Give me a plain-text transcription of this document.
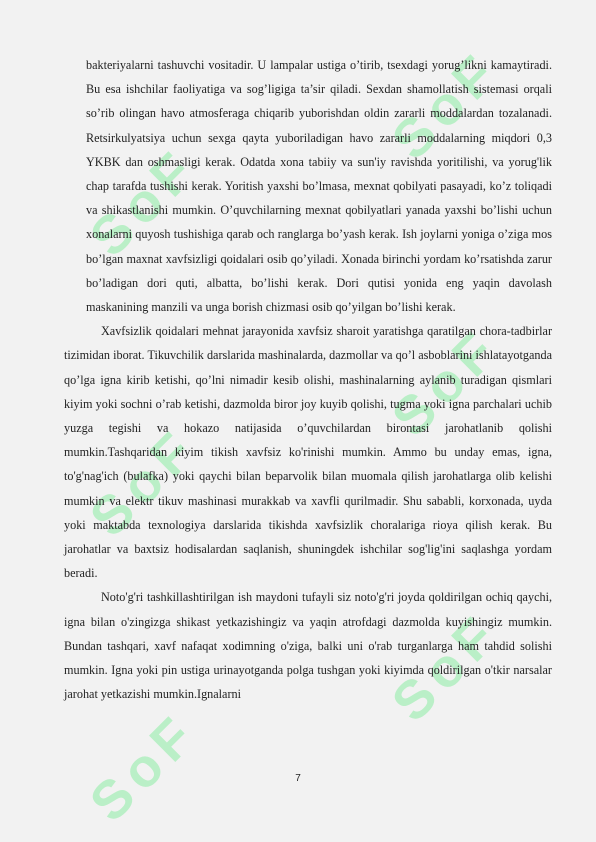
SoF
SoF
SoF
SoF
SoF
SoF

bakteriyalarni tashuvchi vositadir. U lampalar ustiga o’tirib, tsexdagi yorug’likni kamaytiradi. Bu esa ishchilar faoliyatiga va sog’ligiga ta’sir qiladi. Sexdan shamollatish sistemasi orqali so’rib olingan havo atmosferaga chiqarib yuborishdan oldin zararli moddalardan tozalanadi. Retsirkulyatsiya uchun sexga qayta yuboriladigan havo zararli moddalarning miqdori 0,3 YKBK dan oshmasligi kerak. Odatda xona tabiiy va sun'iy ravishda yoritilishi, va yorug'lik chap tarafda tushishi kerak. Yoritish yaxshi bo’lmasa, mexnat qobilyati pasayadi, ko’z toliqadi va shikastlanishi mumkin. O’quvchilarning mexnat qobilyatlari yanada yaxshi bo’lishi uchun xonalarni quyosh tushishiga qarab och ranglarga bo’yash kerak. Ish joylarni yoniga o’ziga mos bo’lgan maxnat xavfsizligi qoidalari osib qo’yiladi. Xonada birinchi yordam ko’rsatishda zarur bo’ladigan dori quti, albatta, bo’lishi kerak. Dori qutisi yonida eng yaqin davolash maskanining manzili va unga borish chizmasi osib qo’yilgan bo’lishi kerak.

Xavfsizlik qoidalari mehnat jarayonida xavfsiz sharoit yaratishga qaratilgan chora-tadbirlar tizimidan iborat. Tikuvchilik darslarida mashinalarda, dazmollar va qo’l asboblarini ishlatayotganda qo’lga igna kirib ketishi, qo’lni nimadir kesib olishi, mashinalarning aylanib turadigan qismlari kiyim yoki sochni o’rab ketishi, dazmolda biror joy kuyib qolishi, tugma yoki igna parchalari uchib yuzga tegishi va hokazo natijasida o’quvchilardan birontasi jarohatlanib qolishi mumkin.Tashqaridan kiyim tikish xavfsiz ko'rinishi mumkin. Ammo bu unday emas, igna, to'g'nag'ich (bulafka) yoki qaychi bilan beparvolik bilan muomala qilish jarohatlarga olib kelishi mumkin va elektr tikuv mashinasi murakkab va xavfli qurilmadir. Shu sababli, korxonada, uyda yoki maktabda texnologiya darslarida tikishda xavfsizlik choralariga rioya qilish kerak. Bu jarohatlar va baxtsiz hodisalardan saqlanish, shuningdek ishchilar sog'lig'ini saqlashga yordam beradi.

Noto'g'ri tashkillashtirilgan ish maydoni tufayli siz noto'g'ri joyda qoldirilgan ochiq qaychi, igna bilan o'zingizga shikast yetkazishingiz va yaqin atrofdagi dazmolda kuyishingiz mumkin. Bundan tashqari, xavf nafaqat xodimning o'ziga, balki uni o'rab turganlarga ham tahdid solishi mumkin. Igna yoki pin ustiga urinayotganda polga tushgan yoki kiyimda qoldirilgan o'tkir narsalar jarohat yetkazishi mumkin.Ignalarni

7
